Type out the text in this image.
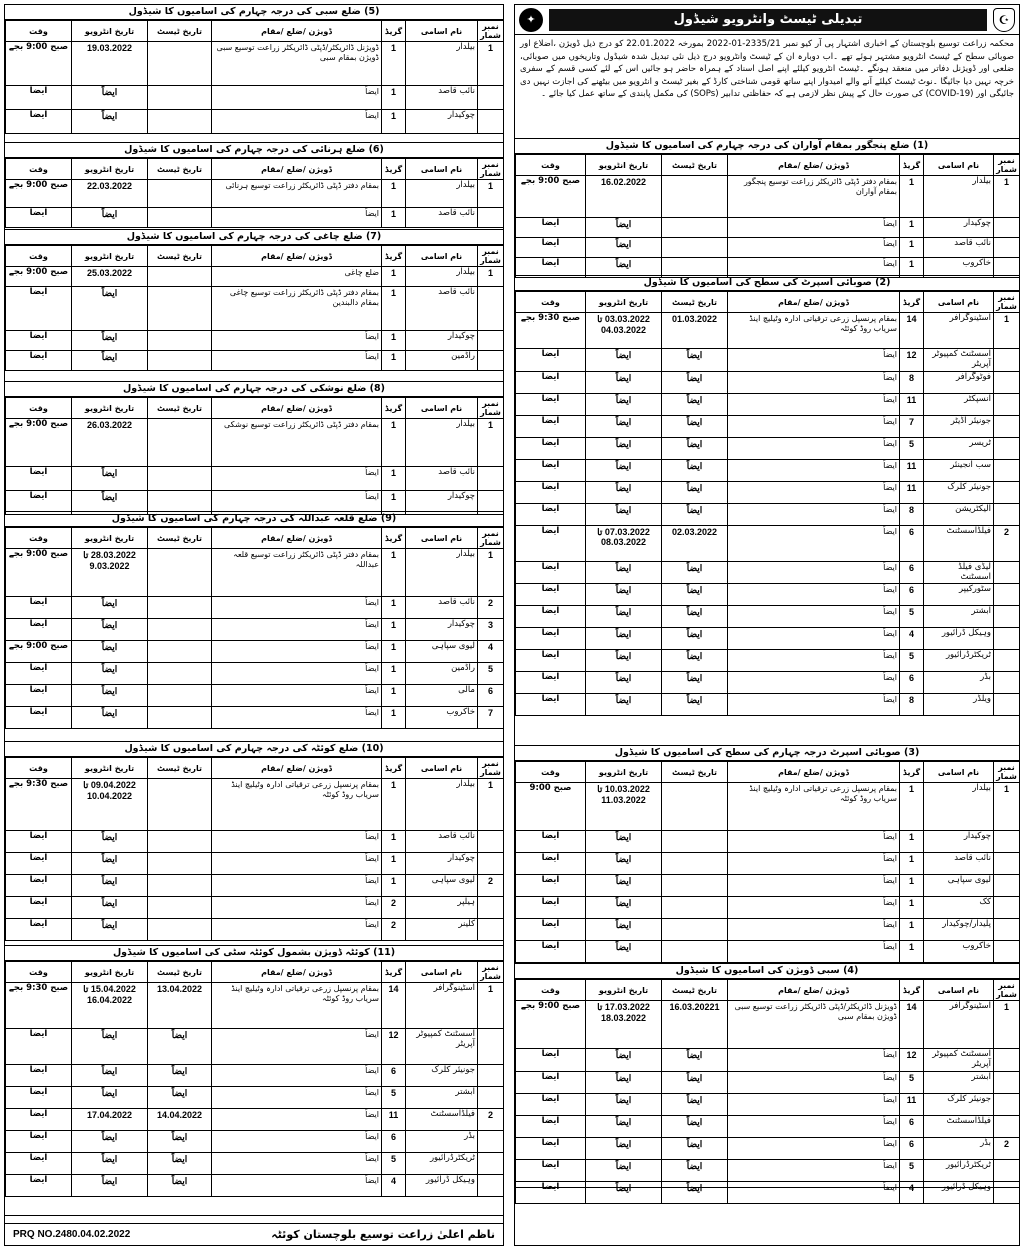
(5) ضلع سبی کی درجہ چہارم کی اسامیوں کا شیڈول
نمبر شمار	نام اسامی	گریڈ	ڈویژن /ضلع /مقام	تاریخ ٹیسٹ	تاریخ انٹرویو	وقت
1	بیلدار	1	ڈویژنل ڈائریکٹر/ڈپٹی ڈائریکٹر زراعت توسیع سبی ڈویژن بمقام سبی		19.03.2022	صبح 9:00 بجے
	نائب قاصد	1	ایضاً		ایضاً	ایضاً
	چوکیدار	1	ایضاً		ایضاً	ایضاً
(6) ضلع ہرنائی کی درجہ چہارم کی اسامیوں کا شیڈول
نمبر شمار	نام اسامی	گریڈ	ڈویژن /ضلع /مقام	تاریخ ٹیسٹ	تاریخ انٹرویو	وقت
1	بیلدار	1	بمقام دفتر ڈپٹی ڈائریکٹر زراعت توسیع ہرنائی		22.03.2022	صبح 9:00 بجے
	نائب قاصد	1	ایضاً		ایضاً	ایضاً
(7) ضلع چاغی کی درجہ چہارم کی اسامیوں کا شیڈول
نمبر شمار	نام اسامی	گریڈ	ڈویژن /ضلع /مقام	تاریخ ٹیسٹ	تاریخ انٹرویو	وقت
1	بیلدار	1	ضلع چاغی		25.03.2022	صبح 9:00 بجے
	نائب قاصد	1	بمقام دفتر ڈپٹی ڈائریکٹر زراعت توسیع چاغی بمقام دالبندین		ایضاً	ایضاً
	چوکیدار	1	ایضاً		ایضاً	ایضاً
	راڈمین	1	ایضاً		ایضاً	ایضاً
(8) ضلع نوشکی کی درجہ چہارم کی اسامیوں کا شیڈول
نمبر شمار	نام اسامی	گریڈ	ڈویژن /ضلع /مقام	تاریخ ٹیسٹ	تاریخ انٹرویو	وقت
1	بیلدار	1	بمقام دفتر ڈپٹی ڈائریکٹر زراعت توسیع نوشکی		26.03.2022	صبح 9:00 بجے
	نائب قاصد	1	ایضاً		ایضاً	ایضاً
	چوکیدار	1	ایضاً		ایضاً	ایضاً
(9) ضلع قلعہ عبداللہ کی درجہ چہارم کی اسامیوں کا شیڈول
نمبر شمار	نام اسامی	گریڈ	ڈویژن /ضلع /مقام	تاریخ ٹیسٹ	تاریخ انٹرویو	وقت
1	بیلدار	1	بمقام دفتر ڈپٹی ڈائریکٹر زراعت توسیع قلعہ عبداللہ		28.03.2022 تا 9.03.2022	صبح 9:00 بجے
2	نائب قاصد	1	ایضاً		ایضاً	ایضاً
3	چوکیدار	1	ایضاً		ایضاً	ایضاً
4	لیوی سپاہی	1	ایضاً		ایضاً	صبح 9:00 بجے
5	راڈمین	1	ایضاً		ایضاً	ایضاً
6	مالی	1	ایضاً		ایضاً	ایضاً
7	خاکروب	1	ایضاً		ایضاً	ایضاً
(10) ضلع کوئٹہ کی درجہ چہارم کی اسامیوں کا شیڈول
نمبر شمار	نام اسامی	گریڈ	ڈویژن /ضلع /مقام	تاریخ ٹیسٹ	تاریخ انٹرویو	وقت
1	بیلدار	1	بمقام پرنسپل زرعی ترقیاتی ادارہ وٹیلیچ اینڈ سریاب روڈ کوئٹہ		09.04.2022 تا 10.04.2022	صبح 9:30 بجے
	نائب قاصد	1	ایضاً		ایضاً	ایضاً
	چوکیدار	1	ایضاً		ایضاً	ایضاً
2	لیوی سپاہی	1	ایضاً		ایضاً	ایضاً
	ہیلپر	2	ایضاً		ایضاً	ایضاً
	کلینر	2	ایضاً		ایضاً	ایضاً
(11) کوئٹہ ڈویژن بشمول کوئٹہ سٹی کی اسامیوں کا شیڈول
نمبر شمار	نام اسامی	گریڈ	ڈویژن /ضلع /مقام	تاریخ ٹیسٹ	تاریخ انٹرویو	وقت
1	اسٹینوگرافر	14	بمقام پرنسپل زرعی ترقیاتی ادارہ وٹیلیچ اینڈ سریاب روڈ کوئٹہ	13.04.2022	15.04.2022 تا 16.04.2022	صبح 9:30 بجے
	اسسٹنٹ کمپیوٹر آپریٹر	12	ایضاً	ایضاً	ایضاً	ایضاً
	جونیئر کلرک	6	ایضاً	ایضاً	ایضاً	ایضاً
	آبشتر	5	ایضاً	ایضاً	ایضاً	ایضاً
2	فیلڈاسسٹنٹ	11	ایضاً	14.04.2022	17.04.2022	ایضاً
	بڈر	6	ایضاً	ایضاً	ایضاً	ایضاً
	ٹریکٹرڈرائیور	5	ایضاً	ایضاً	ایضاً	ایضاً
	وہیکل ڈرائیور	4	ایضاً	ایضاً	ایضاً	ایضاً
PRQ NO.2480.04.02.2022	ناظم اعلیٰ زراعت توسیع بلوچستان کوئٹہ
✦	تبدیلی ٹیسٹ وانٹرویو شیڈول	☪
محکمہ زراعت توسیع بلوچستان کے اخباری اشتہار پی آر کیو نمبر 2335/21-01-2022 بمورخہ 22.01.2022 کو درج ذیل ڈویژن ،اضلاع اور صوبائی سطح کے ٹیسٹ انٹرویو مشتہر ہوئے تھے ۔اب دوبارہ ان کے ٹیسٹ وانٹرویو درج ذیل نئی تبدیل شدہ شیڈول وتاریخوں میں صوبائی، ضلعی اور ڈویژنل دفاتر میں منعقد ہونگے ۔ٹیسٹ انٹرویو کیلئے اپنے اصل اسناد کے ہمراہ حاضر ہو جائیں اس کے لئے کسی قسم کے سفری خرچہ نہیں دیا جائیگا ۔نوٹ ٹیسٹ کیلئے آنے والے امیدوار اپنے ساتھ قومی شناختی کارڈ کے بغیر ٹیسٹ و انٹرویو میں بیٹھنے کی اجازت نہیں دی جائیگی اور (COVID-19) کی صورت حال کے پیش نظر لازمی ہے کہ حفاظتی تدابیر (SOPs) کی مکمل پابندی کے ساتھ عمل کیا جائے ۔
(1) ضلع پنجگور بمقام آواران کی درجہ چہارم کی اسامیوں کا شیڈول
نمبر شمار	نام اسامی	گریڈ	ڈویژن /ضلع /مقام	تاریخ ٹیسٹ	تاریخ انٹرویو	وقت
1	بیلدار	1	بمقام دفتر ڈپٹی ڈائریکٹر زراعت توسیع پنجگور بمقام آواران		16.02.2022	صبح 9:00 بجے
	چوکیدار	1	ایضاً		ایضاً	ایضاً
	نائب قاصد	1	ایضاً		ایضاً	ایضاً
	خاکروب	1	ایضاً		ایضاً	ایضاً
(2) صوبائی اسپرٹ کی سطح کی اسامیوں کا شیڈول
نمبر شمار	نام اسامی	گریڈ	ڈویژن /ضلع /مقام	تاریخ ٹیسٹ	تاریخ انٹرویو	وقت
1	اسٹینوگرافر	14	بمقام پرنسپل زرعی ترقیاتی ادارہ وٹیلیچ اینڈ سریاب روڈ کوئٹہ	01.03.2022	03.03.2022 تا 04.03.2022	صبح 9:30 بجے
	اسسٹنٹ کمپیوٹر آپریٹر	12	ایضاً	ایضاً	ایضاً	ایضاً
	فوٹوگرافر	8	ایضاً	ایضاً	ایضاً	ایضاً
	انسپکٹر	11	ایضاً	ایضاً	ایضاً	ایضاً
	جونیئر آڈیٹر	7	ایضاً	ایضاً	ایضاً	ایضاً
	ٹریسر	5	ایضاً	ایضاً	ایضاً	ایضاً
	سب انجینئر	11	ایضاً	ایضاً	ایضاً	ایضاً
	جونیئر کلرک	11	ایضاً	ایضاً	ایضاً	ایضاً
	الیکٹریشن	8	ایضاً	ایضاً	ایضاً	ایضاً
2	فیلڈاسسٹنٹ	6	ایضاً	02.03.2022	07.03.2022 تا 08.03.2022	ایضاً
	لیڈی فیلڈ اسسٹنٹ	6	ایضاً	ایضاً	ایضاً	ایضاً
	سٹورکیپر	6	ایضاً	ایضاً	ایضاً	ایضاً
	آبشتر	5	ایضاً	ایضاً	ایضاً	ایضاً
	وہیکل ڈرائیور	4	ایضاً	ایضاً	ایضاً	ایضاً
	ٹریکٹرڈرائیور	5	ایضاً	ایضاً	ایضاً	ایضاً
	بڈر	6	ایضاً	ایضاً	ایضاً	ایضاً
	ویلڈر	8	ایضاً	ایضاً	ایضاً	ایضاً
(3) صوبائی اسپرٹ درجہ چہارم کی سطح کی اسامیوں کا شیڈول
نمبر شمار	نام اسامی	گریڈ	ڈویژن /ضلع /مقام	تاریخ ٹیسٹ	تاریخ انٹرویو	وقت
1	بیلدار	1	بمقام پرنسپل زرعی ترقیاتی ادارہ وٹیلیچ اینڈ سریاب روڈ کوئٹہ		10.03.2022 تا 11.03.2022	صبح 9:00
	چوکیدار	1	ایضاً		ایضاً	ایضاً
	نائب قاصد	1	ایضاً		ایضاً	ایضاً
	لیوی سپاہی	1	ایضاً		ایضاً	ایضاً
	کک	1	ایضاً		ایضاً	ایضاً
	پلیدار/چوکیدار	1	ایضاً		ایضاً	ایضاً
	خاکروب	1	ایضاً		ایضاً	ایضاً
(4) سبی ڈویژن کی اسامیوں کا شیڈول
نمبر شمار	نام اسامی	گریڈ	ڈویژن /ضلع /مقام	تاریخ ٹیسٹ	تاریخ انٹرویو	وقت
1	اسٹینوگرافر	14	ڈویژنل ڈائریکٹر/ڈپٹی ڈائریکٹر زراعت توسیع سبی ڈویژن بمقام سبی	16.03.20221	17.03.2022 تا 18.03.2022	صبح 9:00 بجے
	اسسٹنٹ کمپیوٹر آپریٹر	12	ایضاً	ایضاً	ایضاً	ایضاً
	آبشتر	5	ایضاً	ایضاً	ایضاً	ایضاً
	جونیئر کلرک	11	ایضاً	ایضاً	ایضاً	ایضاً
	فیلڈاسسٹنٹ	6	ایضاً	ایضاً	ایضاً	ایضاً
2	بڈر	6	ایضاً	ایضاً	ایضاً	ایضاً
	ٹریکٹرڈرائیور	5	ایضاً	ایضاً	ایضاً	ایضاً
	وہیکل ڈرائیور	4	ایضاً	ایضاً	ایضاً	ایضاً
